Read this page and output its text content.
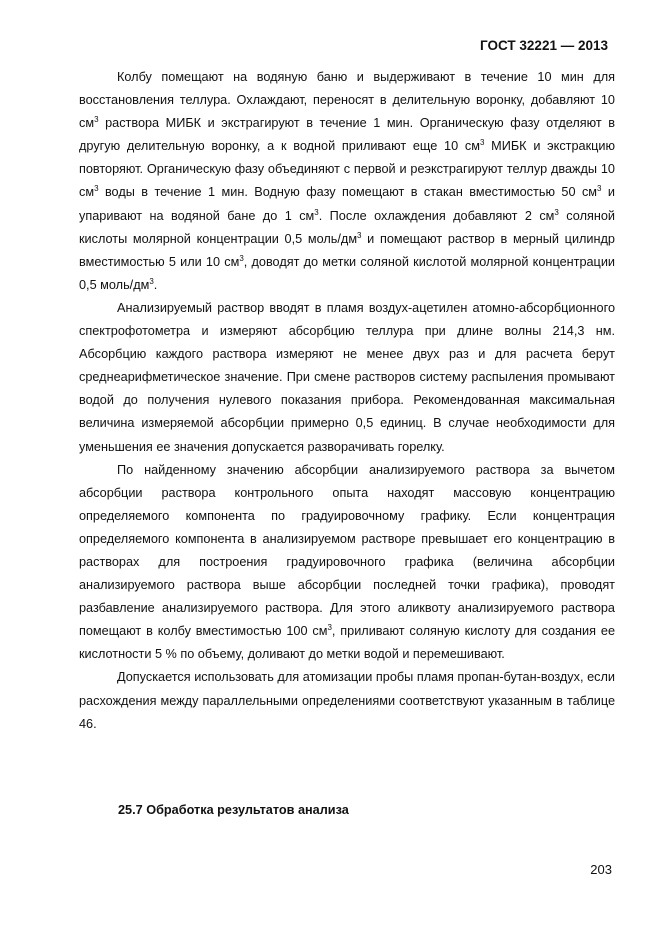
ГОСТ 32221 — 2013

Колбу помещают на водяную баню и выдерживают в течение 10 мин для восстановления теллура. Охлаждают, переносят в делительную воронку, добавляют 10 $см^3$ раствора МИБК и экстрагируют в течение 1 мин. Органическую фазу отделяют в другую делительную воронку, а к водной приливают еще 10 $см^3$ МИБК и экстракцию повторяют. Органическую фазу объединяют с первой и реэкстрагируют теллур дважды 10 $см^3$ воды в течение 1 мин. Водную фазу помещают в стакан вместимостью 50 $см^3$ и упаривают на водяной бане до 1 $см^3$. После охлаждения добавляют 2 $см^3$ соляной кислоты молярной концентрации 0,5 моль/$дм^3$ и помещают раствор в мерный цилиндр вместимостью 5 или 10 $см^3$, доводят до метки соляной кислотой молярной концентрации 0,5 моль/$дм^3$.

Анализируемый раствор вводят в пламя воздух-ацетилен атомно-абсорбционного спектрофотометра и измеряют абсорбцию теллура при длине волны 214,3 нм. Абсорбцию каждого раствора измеряют не менее двух раз и для расчета берут среднеарифметическое значение. При смене растворов систему распыления промывают водой до получения нулевого показания прибора. Рекомендованная максимальная величина измеряемой абсорбции примерно 0,5 единиц. В случае необходимости для уменьшения ее значения допускается разворачивать горелку.

По найденному значению абсорбции анализируемого раствора за вычетом абсорбции раствора контрольного опыта находят массовую концентрацию определяемого компонента по градуировочному графику. Если концентрация определяемого компонента в анализируемом растворе превышает его концентрацию в растворах для построения градуировочного графика (величина абсорбции анализируемого раствора выше абсорбции последней точки графика), проводят разбавление анализируемого раствора. Для этого аликвоту анализируемого раствора помещают в колбу вместимостью 100 $см^3$, приливают соляную кислоту для создания ее кислотности 5 % по объему, доливают до метки водой и перемешивают.

Допускается использовать для атомизации пробы пламя пропан-бутан-воздух, если расхождения между параллельными определениями соответствуют указанным в таблице 46.

25.7 Обработка результатов анализа
203
